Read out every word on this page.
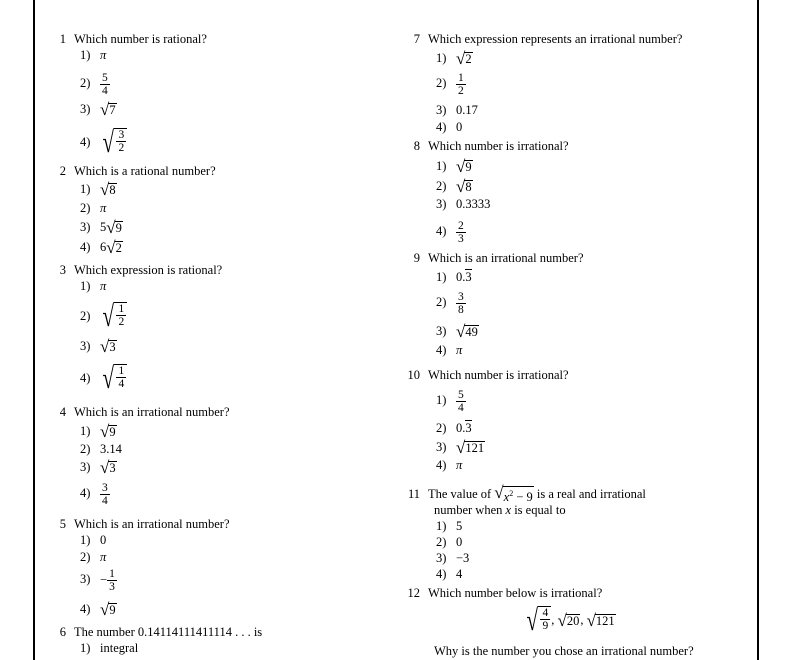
1 Which number is rational?
1) π
$2) \frac{5}{4}$
3) √ 7
4) √ $\frac{3}{2}$
2 Which is a rational number?
1) √ 8
2) π
3) 5 √ 9
4) 6 √ 2
3 Which expression is rational?
1) π
2) √ $\frac{1}{2}$
3) √ 3
4) √ $\frac{1}{4}$
4 Which is an irrational number?
1) √ 9
2) 3.14
3) √ 3
$4) \frac{3}{4}$
5 Which is an irrational number?
1) 0
2) π
$3) - \frac{1}{3}$
4) √ 9
6 The number 0.14114111411114 . . . is
1) integral
7 Which expression represents an irrational number?
1) √ 2
$2) \frac{1}{2}$
3) 0.17
4) 0
8 Which number is irrational?
1) √ 9
2) √ 8
3) 0.3333
$4) \frac{2}{3}$
9 Which is an irrational number?
1) 0.3
$2) \frac{3}{8}$
3) √ 49
4) π
10 Which number is irrational?
$1) \frac{5}{4}$
2) 0.3
3) √ 121
4) π
11 The value of √ $x^2 - 9$ is a real and irrational
number when x is equal to
1) 5
2) 0
3) −3
4) 4
12 Which number below is irrational?
√ $\frac{4}{9}$ , √ 20 , √ 121
Why is the number you chose an irrational number?
